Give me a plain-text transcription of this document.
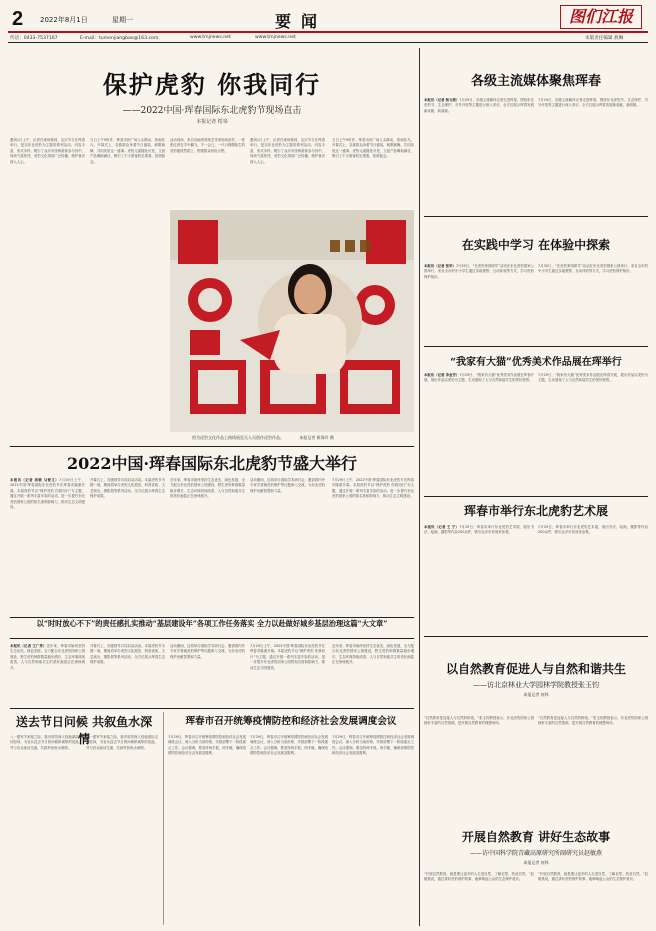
2 2022年8月1日	星期一	要闻	图们江报
传话：0433-7537167	E-mail：tumenjiangbao@163.com	www.tmjnews.net	www.tmjnews.net	本版责任编辑 敖琳
保护虎豹 你我同行
——2022中国·珲春国际东北虎豹节现场直击
本报记者 樗皋
邀到1日上午，记者在现场看到，这次节日在珲春举行，是以东北虎豹为主题的系列活动，内容丰富、形式多样，吸引了众多市民和游客参与其中，现场气氛热烈，虎豹文化得到广泛传播，保护意识深入人心。
当日上午9时许，珲春市民广场人头攒动，热闹非凡。开幕式上，各族群众身着节日盛装，载歌载舞，共同庆祝这一盛事。虎豹元素随处可见，文创产品琳琅满目，吸引了不少游客驻足观看、拍照留念。
活动现场，来自各地的剪纸艺术家现场创作，一张张红纸在手中翻飞，不一会儿，一只只栩栩如生的虎豹便跃然纸上，围观群众纷纷点赞。
邀到1日上午，记者在现场看到，这次节日在珲春举行，是以东北虎豹为主题的系列活动，内容丰富、形式多样，吸引了众多市民和游客参与其中，现场气氛热烈，虎豹文化得到广泛传播，保护意识深入人心。
当日上午9时许，珲春市民广场人头攒动，热闹非凡。开幕式上，各族群众身着节日盛装，载歌载舞，共同庆祝这一盛事。虎豹元素随处可见，文创产品琳琅满目，吸引了不少游客驻足观看、拍照留念。
图为虎豹文化作品上路线展览无人员创作虎豹作品。	本报记者 崔海玲 摄
2022中国·珲春国际东北虎豹节盛大举行
本报讯（记者 周敏 马俊义）7月29日上午，2022中国·珲春国际东北虎豹节在珲春市隆重开幕。本届虎豹节以“保护虎豹 你我同行”为主题，通过开展一系列丰富多彩的活动，进一步提升东北虎豹国家公园的知名度和影响力，推动生态文明建设。
开幕式上，各级领导共同启动活动。本届虎豹节为期一周，期间将举办虎豹文化展览、科普讲座、文艺演出、摄影展等系列活动，全方位展示珲春生态保护成果。
近年来，珲春市始终坚持生态优先、绿色发展，全力配合东北虎豹国家公园建设，野生虎豹种群数量稳步增长，生态环境持续改善，人与自然和谐共生的美好画卷正在徐徐展开。
活动期间，还将举办国际学术研讨会，邀请国内外专家学者就虎豹保护等议题深入交流，为东北虎豹保护贡献智慧和力量。
7月29日上午，2022中国·珲春国际东北虎豹节在珲春市隆重开幕。本届虎豹节以“保护虎豹 你我同行”为主题，通过开展一系列丰富多彩的活动，进一步提升东北虎豹国家公园的知名度和影响力，推动生态文明建设。
以“时时放心不下”的责任感扎实推动“基层建设年”各项工作任务落实 全力以赴做好城乡基层治理这篇“大文章”
本报讯（记者 王广秀）近年来，珲春市始终坚持生态优先、绿色发展，全力配合东北虎豹国家公园建设，野生虎豹种群数量稳步增长，生态环境持续改善，人与自然和谐共生的美好画卷正在徐徐展开。
开幕式上，各级领导共同启动活动。本届虎豹节为期一周，期间将举办虎豹文化展览、科普讲座、文艺演出、摄影展等系列活动，全方位展示珲春生态保护成果。
活动期间，还将举办国际学术研讨会，邀请国内外专家学者就虎豹保护等议题深入交流，为东北虎豹保护贡献智慧和力量。
7月29日上午，2022中国·珲春国际东北虎豹节在珲春市隆重开幕。本届虎豹节以“保护虎豹 你我同行”为主题，通过开展一系列丰富多彩的活动，进一步提升东北虎豹国家公园的知名度和影响力，推动生态文明建设。
近年来，珲春市始终坚持生态优先、绿色发展，全力配合东北虎豹国家公园建设，野生虎豹种群数量稳步增长，生态环境持续改善，人与自然和谐共生的美好画卷正在徐徐展开。
送去节日问候 共叙鱼水深情
八一建军节来临之际，我市领导深入驻地部队走访慰问，为官兵送去节日的问候和诚挚的祝福，并与官兵座谈交流，共叙军民鱼水深情。
八一建军节来临之际，我市领导深入驻地部队走访慰问，为官兵送去节日的问候和诚挚的祝福，并与官兵座谈交流，共叙军民鱼水深情。
珲春市召开统筹疫情防控和经济社会发展调度会议
7月29日，珲春市召开统筹疫情防控和经济社会发展调度会议，深入分析当前形势，安排部署下一阶段重点工作。会议强调，要坚持两手抓、两手硬，确保疫情防控和经济社会发展双胜利。
7月29日，珲春市召开统筹疫情防控和经济社会发展调度会议，深入分析当前形势，安排部署下一阶段重点工作。会议强调，要坚持两手抓、两手硬，确保疫情防控和经济社会发展双胜利。
7月29日，珲春市召开统筹疫情防控和经济社会发展调度会议，深入分析当前形势，安排部署下一阶段重点工作。会议强调，要坚持两手抓、两手硬，确保疫情防控和经济社会发展双胜利。
各级主流媒体聚焦珲春
本报讯（记者 杨文莉）7月29日，各级主流媒体记者走进珲春，围绕东北虎豹节、生态保护、对外开放等主题进行深入采访，全方位展示珲春发展新成就、新面貌。
7月29日，各级主流媒体记者走进珲春，围绕东北虎豹节、生态保护、对外开放等主题进行深入采访，全方位展示珲春发展新成就、新面貌。
在实践中学习 在体验中探索
本报讯（记者 张华）7月30日，“在虎豹家园研学”活动在东北虎豹国家公园举行，来自全市的中小学生通过实地观察、互动体验等方式，学习虎豹保护知识。
7月30日，“在虎豹家园研学”活动在东北虎豹国家公园举行，来自全市的中小学生通过实地观察、互动体验等方式，学习虎豹保护知识。
“我家有大猫”优秀美术作品展在珲举行
本报讯（记者 李金芳）7月29日，“我家有大猫”优秀美术作品展在珲春开展，展出作品以虎豹为主题，生动展现了人与自然和谐共生的美好愿景。
7月29日，“我家有大猫”优秀美术作品展在珲春开展，展出作品以虎豹为主题，生动展现了人与自然和谐共生的美好愿景。
珲春市举行东北虎豹艺术展
本报讯（记者 王 宁）7月29日，珲春市举行东北虎豹艺术展，展出书法、绘画、摄影等作品200余件，吸引众多市民前来参观。
7月29日，珲春市举行东北虎豹艺术展，展出书法、绘画、摄影等作品200余件，吸引众多市民前来参观。
以自然教育促进人与自然和谐共生
——访北京林业大学园林学院教授张玉钧
本报记者 何林
“自然教育是连接人与自然的桥梁。”张玉钧教授表示，东北虎豹国家公园拥有丰富的自然资源，是开展自然教育的理想场所。
“自然教育是连接人与自然的桥梁。”张玉钧教授表示，东北虎豹国家公园拥有丰富的自然资源，是开展自然教育的理想场所。
开展自然教育 讲好生态故事
——访中国科学院青藏高原研究所副研究员赵敏燕
本报记者 何林
“开展自然教育，就是要让更多的人走进自然、了解自然、热爱自然。”赵敏燕说，通过讲好虎豹保护故事，能够唤起公众的生态保护意识。
“开展自然教育，就是要让更多的人走进自然、了解自然、热爱自然。”赵敏燕说，通过讲好虎豹保护故事，能够唤起公众的生态保护意识。
